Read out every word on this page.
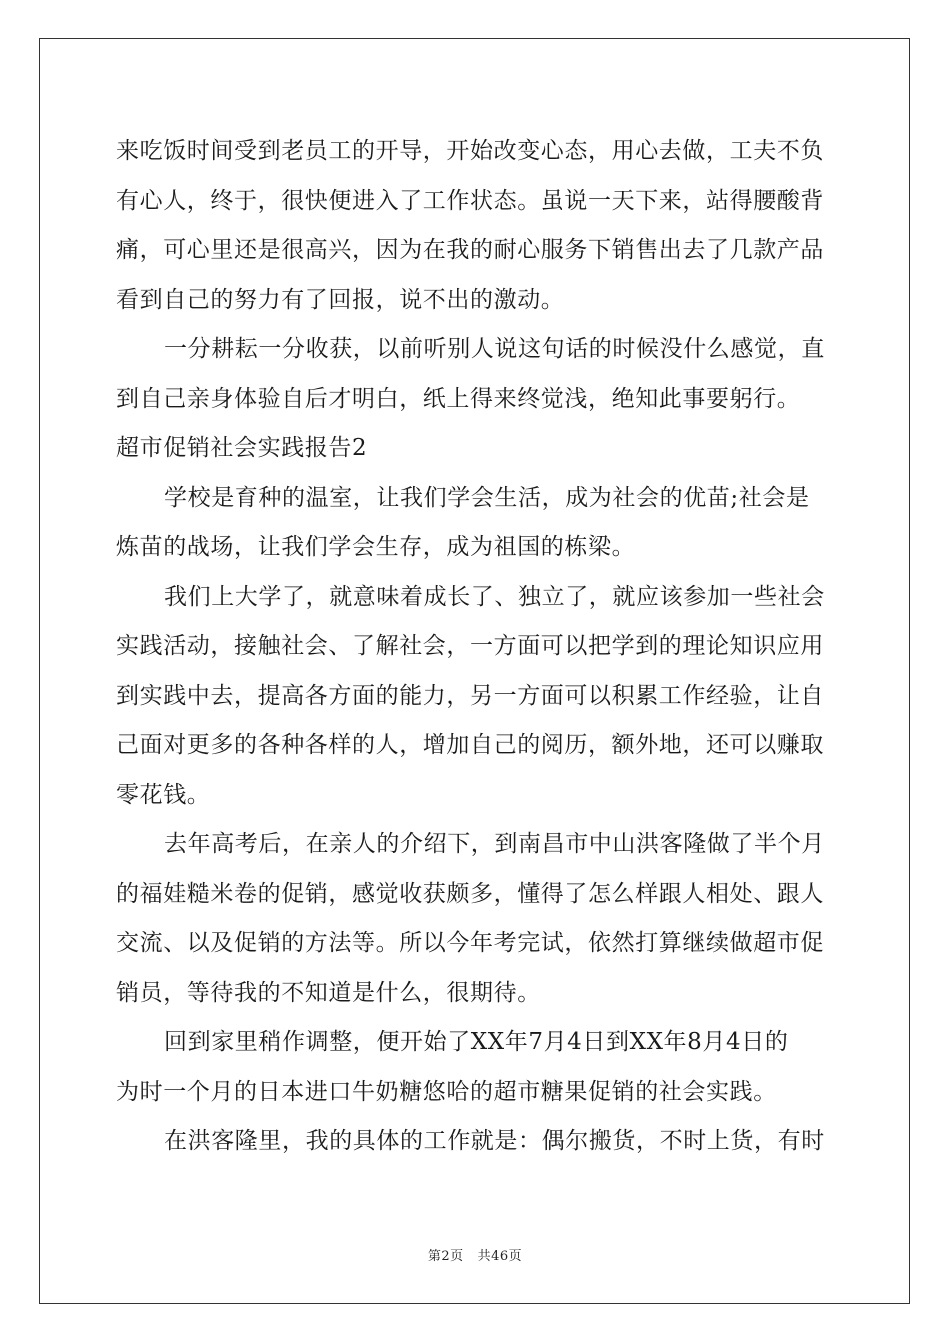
来吃饭时间受到老员工的开导，开始改变心态，用心去做，工夫不负
有心人，终于，很快便进入了工作状态。虽说一天下来，站得腰酸背
痛，可心里还是很高兴，因为在我的耐心服务下销售出去了几款产品
看到自己的努力有了回报，说不出的激动。
一分耕耘一分收获，以前听别人说这句话的时候没什么感觉，直
到自己亲身体验自后才明白，纸上得来终觉浅，绝知此事要躬行。
超市促销社会实践报告2
学校是育种的温室，让我们学会生活，成为社会的优苗;社会是
炼苗的战场，让我们学会生存，成为祖国的栋梁。
我们上大学了，就意味着成长了、独立了，就应该参加一些社会
实践活动，接触社会、了解社会，一方面可以把学到的理论知识应用
到实践中去，提高各方面的能力，另一方面可以积累工作经验，让自
己面对更多的各种各样的人，增加自己的阅历，额外地，还可以赚取
零花钱。
去年高考后，在亲人的介绍下，到南昌市中山洪客隆做了半个月
的福娃糙米卷的促销，感觉收获颇多，懂得了怎么样跟人相处、跟人
交流、以及促销的方法等。所以今年考完试，依然打算继续做超市促
销员，等待我的不知道是什么，很期待。
回到家里稍作调整，便开始了XX年7月4日到XX年8月4日的
为时一个月的日本进口牛奶糖悠哈的超市糖果促销的社会实践。
在洪客隆里，我的具体的工作就是：偶尔搬货，不时上货，有时
第2页 共46页
